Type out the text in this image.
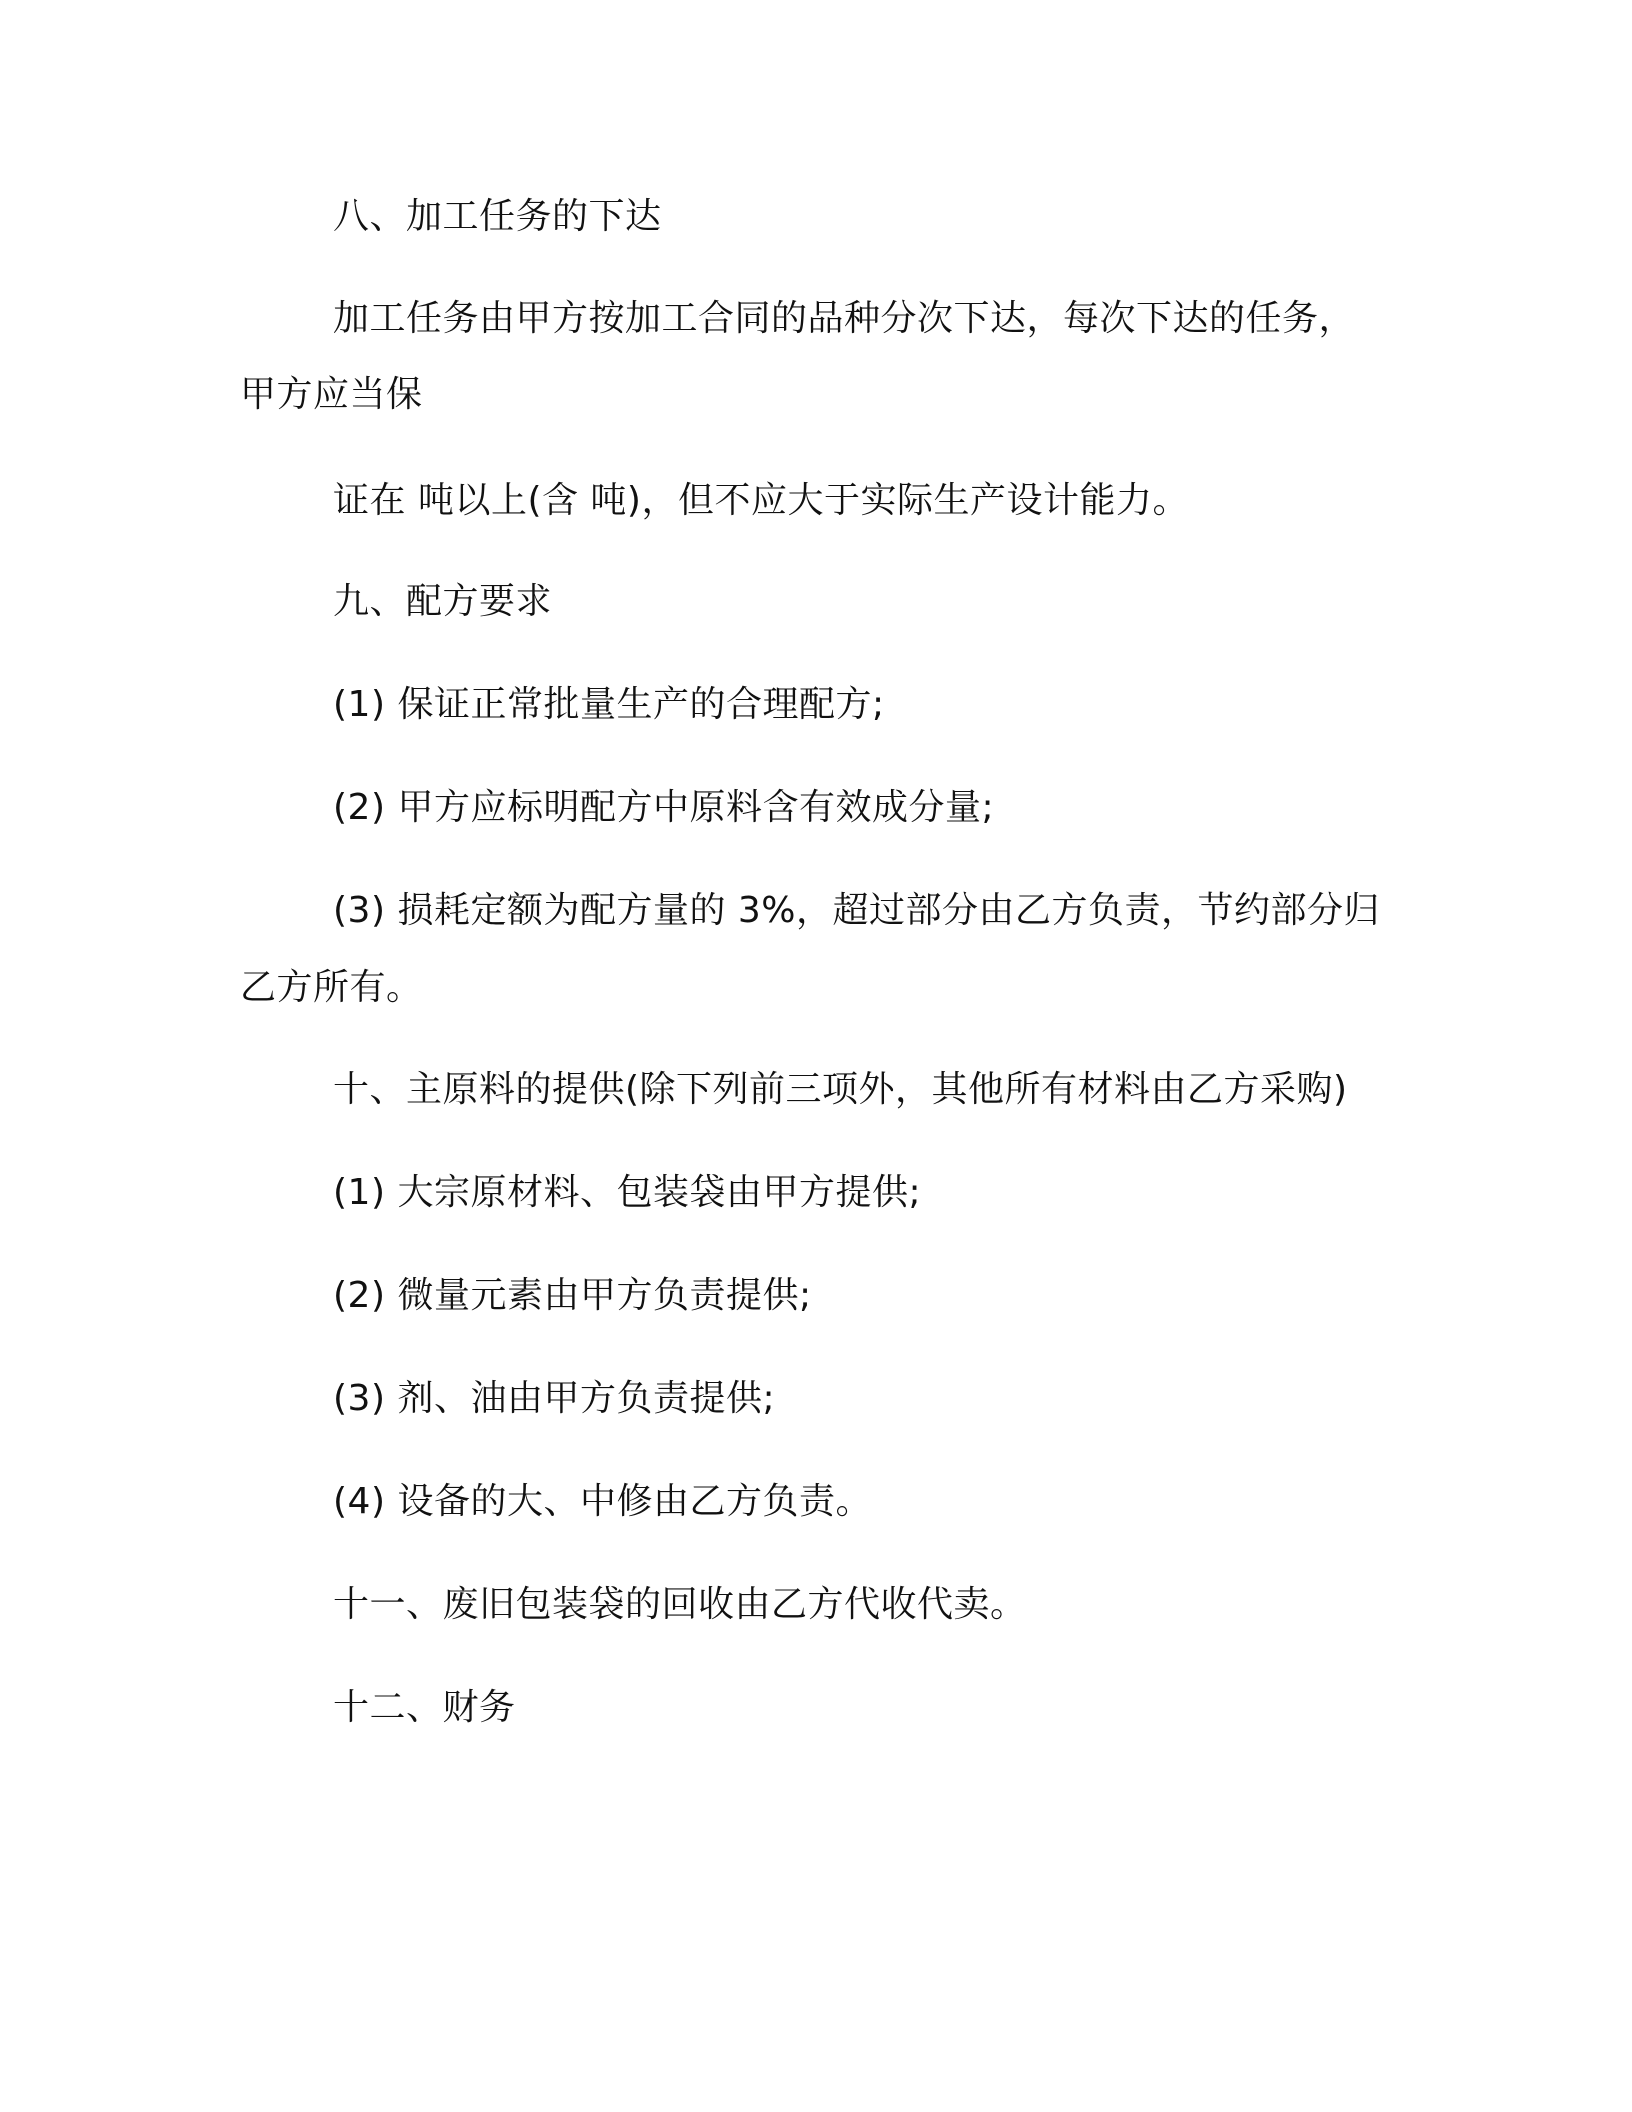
八、加工任务的下达
加工任务由甲方按加工合同的品种分次下达，每次下达的任务，
甲方应当保
证在 吨以上(含 吨)，但不应大于实际生产设计能力。
九、配方要求
(1) 保证正常批量生产的合理配方;
(2) 甲方应标明配方中原料含有效成分量;
(3) 损耗定额为配方量的 3%，超过部分由乙方负责，节约部分归
乙方所有。
十、主原料的提供(除下列前三项外，其他所有材料由乙方采购)
(1) 大宗原材料、包装袋由甲方提供;
(2) 微量元素由甲方负责提供;
(3) 剂、油由甲方负责提供;
(4) 设备的大、中修由乙方负责。
十一、废旧包装袋的回收由乙方代收代卖。
十二、财务
